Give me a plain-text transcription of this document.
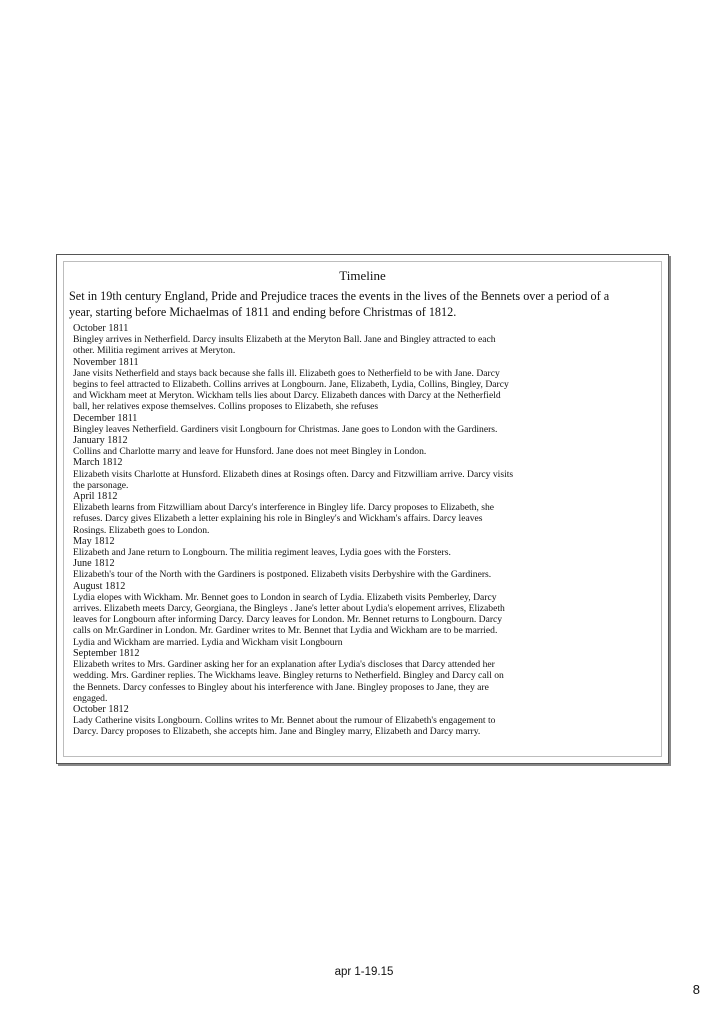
Timeline
Set in 19th century England, Pride and Prejudice traces the events in the lives of the Bennets over a period of a
year, starting before Michaelmas of 1811 and ending before Christmas of 1812.

October 1811

Bingley arrives in Netherfield. Darcy insults Elizabeth at the Meryton Ball. Jane and Bingley attracted to each

other. Militia regiment arrives at Meryton.

November 1811

Jane visits Netherfield and stays back because she falls ill. Elizabeth goes to Netherfield to be with Jane. Darcy

begins to feel attracted to Elizabeth. Collins arrives at Longbourn. Jane, Elizabeth, Lydia, Collins, Bingley, Darcy

and Wickham meet at Meryton. Wickham tells lies about Darcy. Elizabeth dances with Darcy at the Netherfield

ball, her relatives expose themselves. Collins proposes to Elizabeth, she refuses

December 1811

Bingley leaves Netherfield. Gardiners visit Longbourn for Christmas. Jane goes to London with the Gardiners.

January 1812

Collins and Charlotte marry and leave for Hunsford. Jane does not meet Bingley in London.

March 1812

Elizabeth visits Charlotte at Hunsford. Elizabeth dines at Rosings often. Darcy and Fitzwilliam arrive. Darcy visits

the parsonage.

April 1812

Elizabeth learns from Fitzwilliam about Darcy's interference in Bingley life. Darcy proposes to Elizabeth, she

refuses. Darcy gives Elizabeth a letter explaining his role in Bingley's and Wickham's affairs. Darcy leaves

Rosings. Elizabeth goes to London.

May 1812

Elizabeth and Jane return to Longbourn. The militia regiment leaves, Lydia goes with the Forsters.

June 1812

Elizabeth's tour of the North with the Gardiners is postponed. Elizabeth visits Derbyshire with the Gardiners.

August 1812

Lydia elopes with Wickham. Mr. Bennet goes to London in search of Lydia. Elizabeth visits Pemberley, Darcy

arrives. Elizabeth meets Darcy, Georgiana, the Bingleys . Jane's letter about Lydia's elopement arrives, Elizabeth

leaves for Longbourn after informing Darcy. Darcy leaves for London. Mr. Bennet returns to Longbourn. Darcy

calls on Mr.Gardiner in London. Mr. Gardiner writes to Mr. Bennet that Lydia and Wickham are to be married.

Lydia and Wickham are married. Lydia and Wickham visit Longbourn

September 1812

Elizabeth writes to Mrs. Gardiner asking her for an explanation after Lydia's discloses that Darcy attended her

wedding. Mrs. Gardiner replies. The Wickhams leave. Bingley returns to Netherfield. Bingley and Darcy call on

the Bennets. Darcy confesses to Bingley about his interference with Jane. Bingley proposes to Jane, they are

engaged.

October 1812

Lady Catherine visits Longbourn. Collins writes to Mr. Bennet about the rumour of Elizabeth's engagement to

Darcy. Darcy proposes to Elizabeth, she accepts him. Jane and Bingley marry, Elizabeth and Darcy marry.

apr 1-19.15
8
